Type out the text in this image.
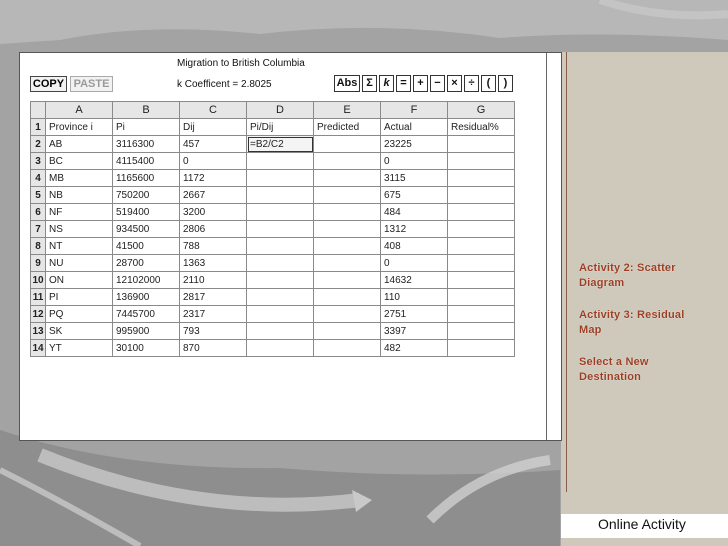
COPY PASTE
Migration to British Columbia
k Coefficent = 2.8025	Abs Σ k = + − × ÷	(	)
	A	B	C	D	E	F	G
1	Province i	Pi	Dij	Pi/Dij	Predicted	Actual	Residual%
2	AB	3116300	457	=B2/C2		23225	
3	BC	4115400	0			0	
4	MB	1165600	1172			3115	
5	NB	750200	2667			675	
6	NF	519400	3200			484	
7	NS	934500	2806			1312	
8	NT	41500	788			408	
9	NU	28700	1363			0	
10	ON	12102000	2110			14632	
11	PI	136900	2817			110	
12	PQ	7445700	2317			2751	
13	SK	995900	793			3397	
14	YT	30100	870			482	
Activity 2: Scatter Diagram
Activity 3: Residual Map
Select a New Destination
Online Activity
